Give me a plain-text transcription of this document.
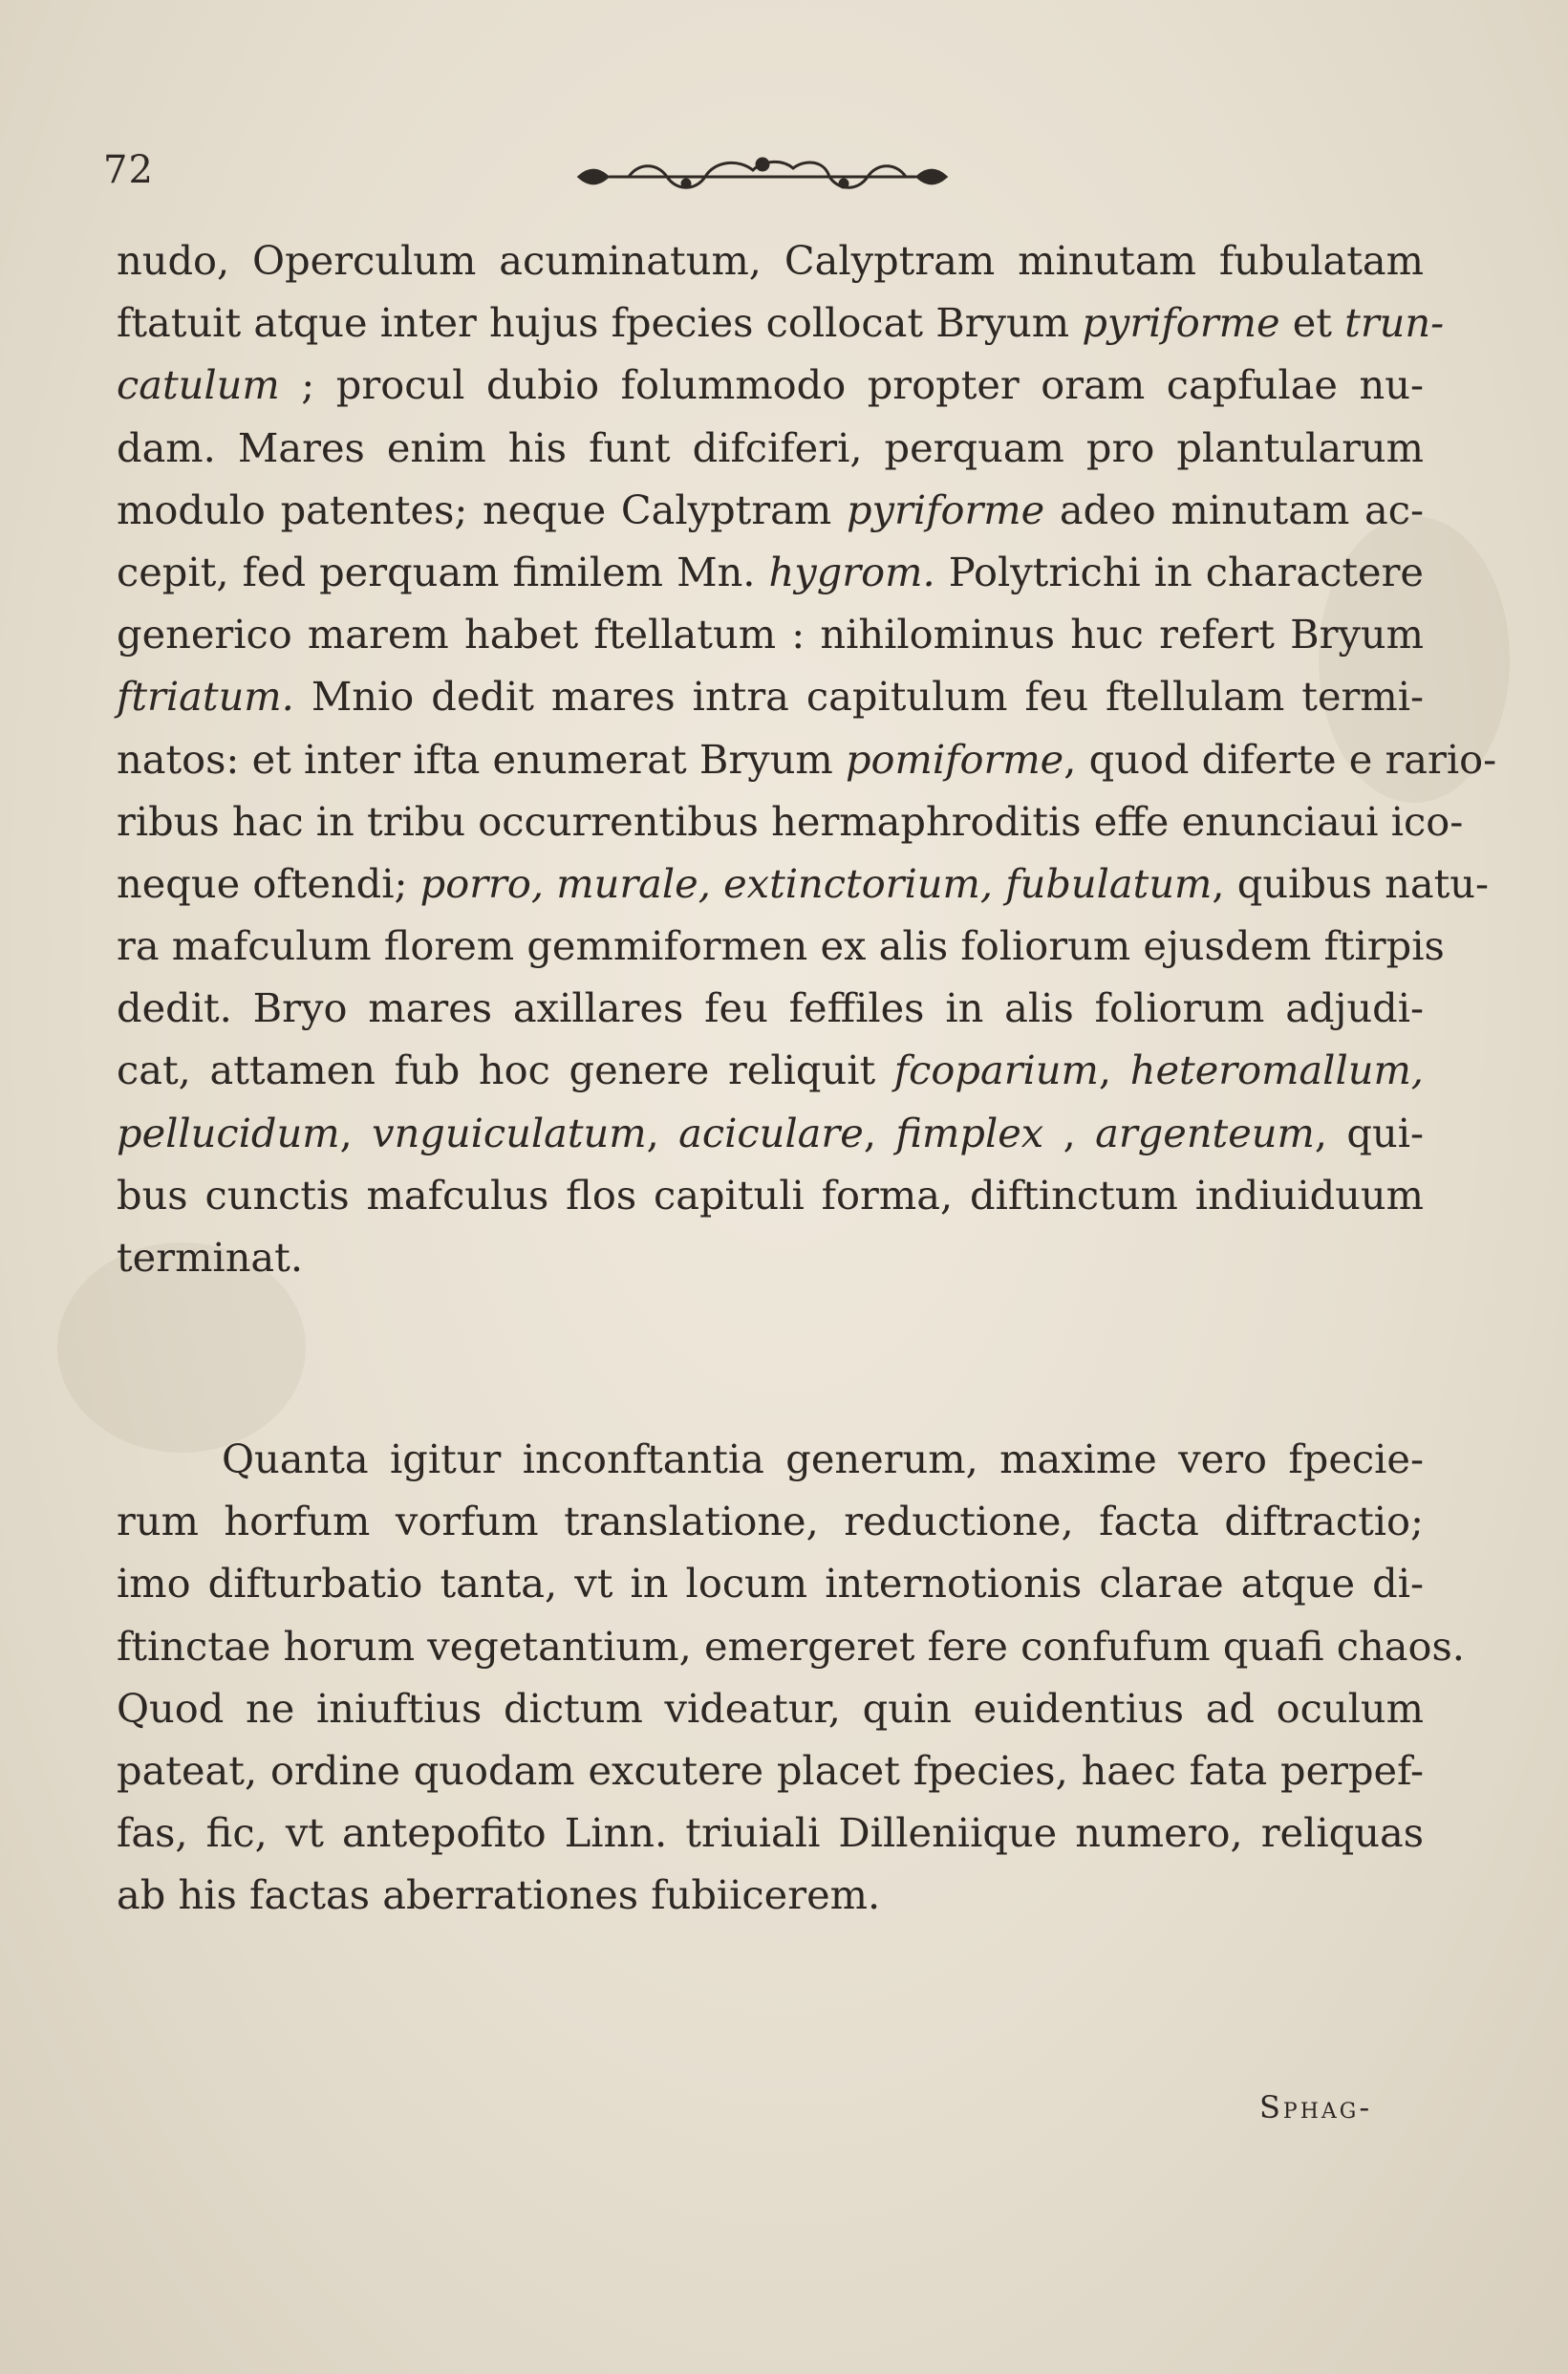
72
nudo, Operculum acuminatum, Calyptram minutam fubulatam
ftatuit atque inter hujus fpecies collocat Bryum pyriforme et trun-
catulum ; procul dubio folummodo propter oram capfulae nu-
dam. Mares enim his funt difciferi, perquam pro plantularum
modulo patentes; neque Calyptram pyriforme adeo minutam ac-
cepit, fed perquam fimilem Mn. hygrom. Polytrichi in charactere
generico marem habet ftellatum : nihilominus huc refert Bryum
ftriatum. Mnio dedit mares intra capitulum feu ftellulam termi-
natos: et inter ifta enumerat Bryum pomiforme, quod diferte e rario-
ribus hac in tribu occurrentibus hermaphroditis effe enunciaui ico-
neque oftendi; porro, murale, extinctorium, fubulatum, quibus natu-
ra mafculum florem gemmiformen ex alis foliorum ejusdem ftirpis
dedit. Bryo mares axillares feu feffiles in alis foliorum adjudi-
cat, attamen fub hoc genere reliquit fcoparium, heteromallum,
pellucidum, vnguiculatum, aciculare, fimplex , argenteum, qui-
bus cunctis mafculus flos capituli forma, diftinctum indiuiduum
terminat.
Quanta igitur inconftantia generum, maxime vero fpecie-
rum horfum vorfum translatione, reductione, facta diftractio;
imo difturbatio tanta, vt in locum internotionis clarae atque di-
ftinctae horum vegetantium, emergeret fere confufum quafi chaos.
Quod ne iniuftius dictum videatur, quin euidentius ad oculum
pateat, ordine quodam excutere placet fpecies, haec fata perpef-
fas, fic, vt antepofito Linn. triuiali Dilleniique numero, reliquas
ab his factas aberrationes fubiicerem.
Sphag-
